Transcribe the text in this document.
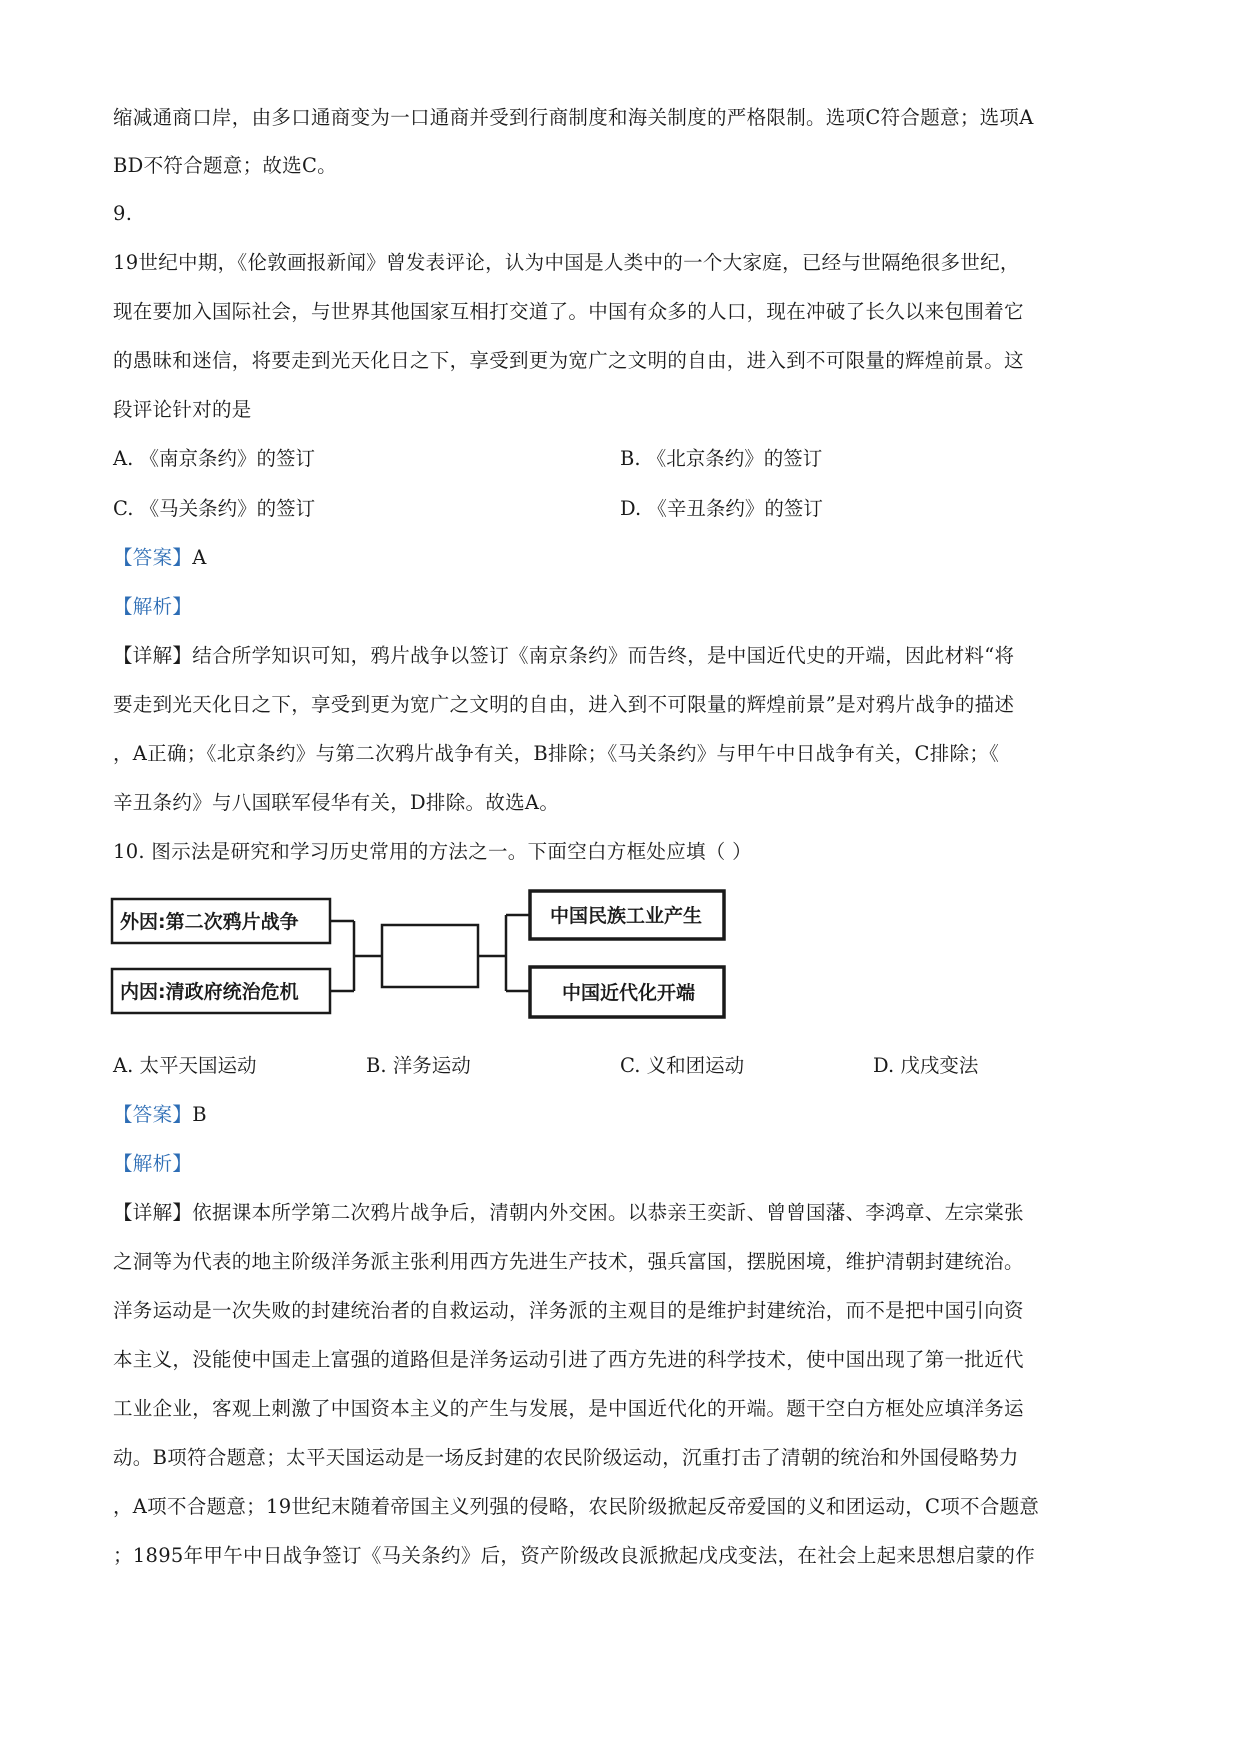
缩减通商口岸，由多口通商变为一口通商并受到行商制度和海关制度的严格限制。选项C符合题意；选项A
BD不符合题意；故选C。
9.
19世纪中期，《伦敦画报新闻》曾发表评论，认为中国是人类中的一个大家庭，已经与世隔绝很多世纪，
现在要加入国际社会，与世界其他国家互相打交道了。中国有众多的人口，现在冲破了长久以来包围着它
的愚昧和迷信，将要走到光天化日之下，享受到更为宽广之文明的自由，进入到不可限量的辉煌前景。这
段评论针对的是
A. 《南京条约》的签订	B. 《北京条约》的签订
C. 《马关条约》的签订	D. 《辛丑条约》的签订
【答案】A
【解析】
【详解】结合所学知识可知，鸦片战争以签订《南京条约》而告终，是中国近代史的开端，因此材料“将
要走到光天化日之下，享受到更为宽广之文明的自由，进入到不可限量的辉煌前景”是对鸦片战争的描述
，A正确；《北京条约》与第二次鸦片战争有关，B排除；《马关条约》与甲午中日战争有关，C排除；《
辛丑条约》与八国联军侵华有关，D排除。故选A。
10. 图示法是研究和学习历史常用的方法之一。下面空白方框处应填（ ）
外因:第二次鸦片战争
内因:清政府统治危机
中国民族工业产生
中国近代化开端
A. 太平天国运动	B. 洋务运动	C. 义和团运动	D. 戊戌变法
【答案】B
【解析】
【详解】依据课本所学第二次鸦片战争后，清朝内外交困。以恭亲王奕訢、曾曾国藩、李鸿章、左宗棠张
之洞等为代表的地主阶级洋务派主张利用西方先进生产技术，强兵富国，摆脱困境，维护清朝封建统治。
洋务运动是一次失败的封建统治者的自救运动，洋务派的主观目的是维护封建统治，而不是把中国引向资
本主义，没能使中国走上富强的道路但是洋务运动引进了西方先进的科学技术，使中国出现了第一批近代
工业企业，客观上刺激了中国资本主义的产生与发展，是中国近代化的开端。题干空白方框处应填洋务运
动。B项符合题意；太平天国运动是一场反封建的农民阶级运动，沉重打击了清朝的统治和外国侵略势力
，A项不合题意；19世纪末随着帝国主义列强的侵略，农民阶级掀起反帝爱国的义和团运动，C项不合题意
；1895年甲午中日战争签订《马关条约》后，资产阶级改良派掀起戊戌变法，在社会上起来思想启蒙的作
